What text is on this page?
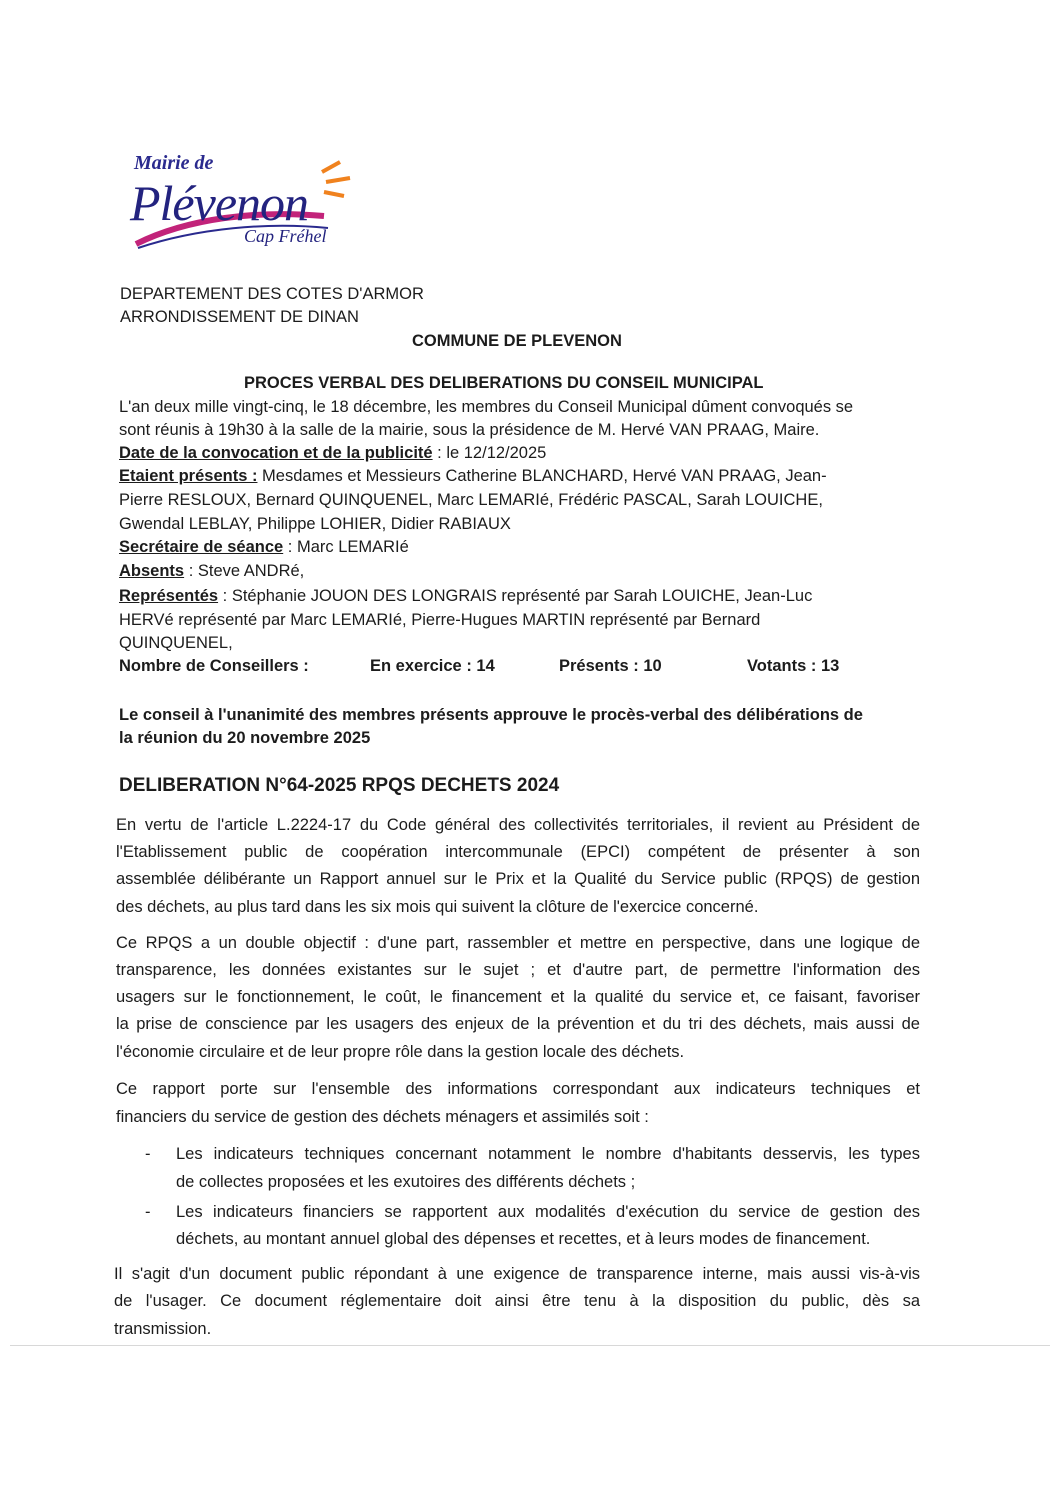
Mairie de
Plévenon
Cap Fréhel
DEPARTEMENT DES COTES D'ARMOR
ARRONDISSEMENT DE DINAN
COMMUNE DE PLEVENON
PROCES VERBAL DES DELIBERATIONS DU CONSEIL MUNICIPAL
L'an deux mille vingt-cinq, le 18 décembre, les membres du Conseil Municipal dûment convoqués se
sont réunis à 19h30 à la salle de la mairie, sous la présidence de M. Hervé VAN PRAAG, Maire.
Date de la convocation et de la publicité : le 12/12/2025
Etaient présents : Mesdames et Messieurs Catherine BLANCHARD, Hervé VAN PRAAG, Jean-
Pierre RESLOUX, Bernard QUINQUENEL, Marc LEMARIé, Frédéric PASCAL, Sarah LOUICHE,
Gwendal LEBLAY, Philippe LOHIER, Didier RABIAUX
Secrétaire de séance : Marc LEMARIé
Absents : Steve ANDRé,
Représentés : Stéphanie JOUON DES LONGRAIS représenté par Sarah LOUICHE, Jean-Luc
HERVé représenté par Marc LEMARIé, Pierre-Hugues MARTIN représenté par Bernard
QUINQUENEL,
Nombre de Conseillers :	En exercice : 14	Présents : 10	Votants : 13
Le conseil à l'unanimité des membres présents approuve le procès-verbal des délibérations de
la réunion du 20 novembre 2025
DELIBERATION N°64-2025 RPQS DECHETS 2024
En vertu de l'article L.2224-17 du Code général des collectivités territoriales, il revient au Président de
l'Etablissement public de coopération intercommunale (EPCI) compétent de présenter à son
assemblée délibérante un Rapport annuel sur le Prix et la Qualité du Service public (RPQS) de gestion
des déchets, au plus tard dans les six mois qui suivent la clôture de l'exercice concerné.
Ce RPQS a un double objectif : d'une part, rassembler et mettre en perspective, dans une logique de
transparence, les données existantes sur le sujet ; et d'autre part, de permettre l'information des
usagers sur le fonctionnement, le coût, le financement et la qualité du service et, ce faisant, favoriser
la prise de conscience par les usagers des enjeux de la prévention et du tri des déchets, mais aussi de
l'économie circulaire et de leur propre rôle dans la gestion locale des déchets.
Ce rapport porte sur l'ensemble des informations correspondant aux indicateurs techniques et
financiers du service de gestion des déchets ménagers et assimilés soit :
- Les indicateurs techniques concernant notamment le nombre d'habitants desservis, les types
de collectes proposées et les exutoires des différents déchets ;
- Les indicateurs financiers se rapportent aux modalités d'exécution du service de gestion des
déchets, au montant annuel global des dépenses et recettes, et à leurs modes de financement.
Il s'agit d'un document public répondant à une exigence de transparence interne, mais aussi vis-à-vis
de l'usager. Ce document réglementaire doit ainsi être tenu à la disposition du public, dès sa
transmission.
